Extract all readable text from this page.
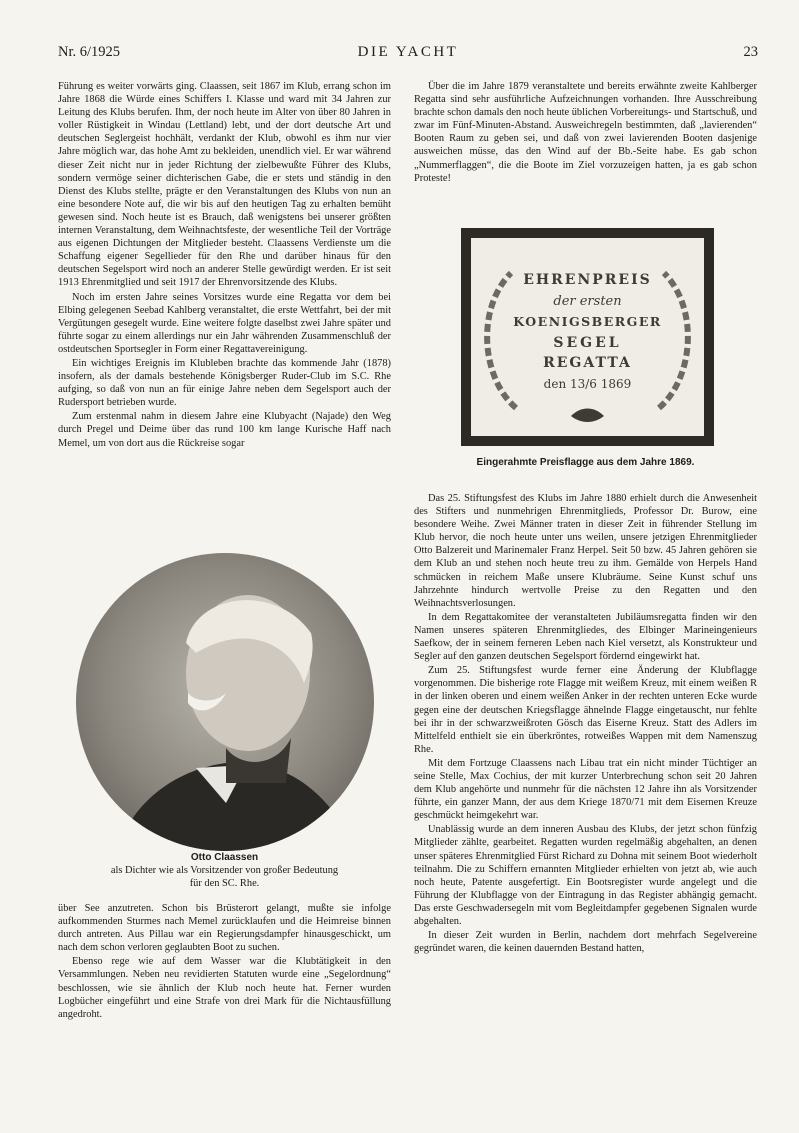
Nr. 6/1925	DIE YACHT	23

Führung es weiter vorwärts ging. Claassen, seit 1867 im Klub, errang schon im Jahre 1868 die Würde eines Schiffers I. Klasse und ward mit 34 Jahren zur Leitung des Klubs berufen. Ihm, der noch heute im Alter von über 80 Jahren in voller Rüstigkeit in Windau (Lettland) lebt, und der dort deutsche Art und deutschen Seglergeist hochhält, verdankt der Klub, obwohl es ihm nur vier Jahre möglich war, das hohe Amt zu bekleiden, unendlich viel. Er war während dieser Zeit nicht nur in jeder Richtung der zielbewußte Führer des Klubs, sondern vermöge seiner dichterischen Gabe, die er stets und ständig in den Dienst des Klubs stellte, prägte er den Veranstaltungen des Klubs von nun an eine besondere Note auf, die wir bis auf den heutigen Tag zu erhalten bemüht gewesen sind. Noch heute ist es Brauch, daß wenigstens bei unserer größten internen Veranstaltung, dem Weihnachtsfeste, der wesentliche Teil der Vorträge aus eigenen Dichtungen der Mitglieder besteht. Claassens Verdienste um die Schaffung eigener Segellieder für den Rhe und darüber hinaus für den deutschen Segelsport wird noch an anderer Stelle gewürdigt werden. Er ist seit 1913 Ehrenmitglied und seit 1917 der Ehrenvorsitzende des Klubs.

Noch im ersten Jahre seines Vorsitzes wurde eine Regatta vor dem bei Elbing gelegenen Seebad Kahlberg veranstaltet, die erste Wettfahrt, bei der mit Vergütungen gesegelt wurde. Eine weitere folgte daselbst zwei Jahre später und führte sogar zu einem allerdings nur ein Jahr währenden Zusammenschluß der ostdeutschen Sportsegler in Form einer Regattavereinigung.

Ein wichtiges Ereignis im Klubleben brachte das kommende Jahr (1878) insofern, als der damals bestehende Königsberger Ruder-Club im S.C. Rhe aufging, so daß von nun an für einige Jahre neben dem Segelsport auch der Rudersport betrieben wurde.

Zum erstenmal nahm in diesem Jahre eine Klubyacht (Najade) den Weg durch Pregel und Deime über das rund 100 km lange Kurische Haff nach Memel, um von dort aus die Rückreise sogar

Otto Claassen
als Dichter wie als Vorsitzender von großer Bedeutung
für den SC. Rhe.

über See anzutreten. Schon bis Brüsterort gelangt, mußte sie infolge aufkommenden Sturmes nach Memel zurücklaufen und die Heimreise binnen durch antreten. Aus Pillau war ein Regierungsdampfer hinausgeschickt, um nach dem schon verloren geglaubten Boot zu suchen.

Ebenso rege wie auf dem Wasser war die Klubtätigkeit in den Versammlungen. Neben neu revidierten Statuten wurde eine „Segelordnung“ beschlossen, wie sie ähnlich der Klub noch heute hat. Ferner wurden Logbücher eingeführt und eine Strafe von drei Mark für die Nichtausfüllung angedroht.

Über die im Jahre 1879 veranstaltete und bereits erwähnte zweite Kahlberger Regatta sind sehr ausführliche Aufzeichnungen vorhanden. Ihre Ausschreibung brachte schon damals den noch heute üblichen Vorbereitungs- und Startschuß, und zwar im Fünf-Minuten-Abstand. Ausweichregeln bestimmten, daß „lavierenden“ Booten Raum zu geben sei, und daß von zwei lavierenden Booten dasjenige ausweichen müsse, das den Wind auf der Bb.-Seite habe. Es gab schon „Nummerflaggen“, die die Boote im Ziel vorzuzeigen hatten, ja es gab schon Proteste!

EHRENPREIS
der ersten
KOENIGSBERGER
SEGEL
REGATTA
den 13/6 1869
Eingerahmte Preisflagge aus dem Jahre 1869.

Das 25. Stiftungsfest des Klubs im Jahre 1880 erhielt durch die Anwesenheit des Stifters und nunmehrigen Ehrenmitglieds, Professor Dr. Burow, eine besondere Weihe. Zwei Männer traten in dieser Zeit in führender Stellung im Klub hervor, die noch heute unter uns weilen, unsere jetzigen Ehrenmitglieder Otto Balzereit und Marinemaler Franz Herpel. Seit 50 bzw. 45 Jahren gehören sie dem Klub an und stehen noch heute treu zu ihm. Gemälde von Herpels Hand schmücken in reichem Maße unsere Klubräume. Seine Kunst schuf uns Jahrzehnte hindurch wertvolle Preise zu den Regatten und den Weihnachtsverlosungen.

In dem Regattakomitee der veranstalteten Jubiläumsregatta finden wir den Namen unseres späteren Ehrenmitgliedes, des Elbinger Marineingenieurs Saefkow, der in seinem ferneren Leben nach Kiel versetzt, als Konstrukteur und Segler auf den ganzen deutschen Segelsport fördernd eingewirkt hat.

Zum 25. Stiftungsfest wurde ferner eine Änderung der Klubflagge vorgenommen. Die bisherige rote Flagge mit weißem Kreuz, mit einem weißen R in der linken oberen und einem weißen Anker in der rechten unteren Ecke wurde gegen eine der deutschen Kriegsflagge ähnelnde Flagge eingetauscht, nur fehlte bei ihr in der schwarzweißroten Gösch das Eiserne Kreuz. Statt des Adlers im Mittelfeld enthielt sie ein überkröntes, rotweißes Wappen mit dem Namenszug Rhe.

Mit dem Fortzuge Claassens nach Libau trat ein nicht minder Tüchtiger an seine Stelle, Max Cochius, der mit kurzer Unterbrechung schon seit 20 Jahren dem Klub angehörte und nunmehr für die nächsten 12 Jahre ihn als Vorsitzender führte, ein ganzer Mann, der aus dem Kriege 1870/71 mit dem Eisernen Kreuze geschmückt heimgekehrt war.

Unablässig wurde an dem inneren Ausbau des Klubs, der jetzt schon fünfzig Mitglieder zählte, gearbeitet. Regatten wurden regelmäßig abgehalten, an denen unser späteres Ehrenmitglied Fürst Richard zu Dohna mit seinem Boot wiederholt teilnahm. Die zu Schiffern ernannten Mitglieder erhielten von jetzt ab, wie auch noch heute, Patente ausgefertigt. Ein Bootsregister wurde angelegt und die Führung der Klubflagge von der Eintragung in das Register abhängig gemacht. Das erste Geschwadersegeln mit vom Begleitdampfer gegebenen Signalen wurde abgehalten.

In dieser Zeit wurden in Berlin, nachdem dort mehrfach Segelvereine gegründet waren, die keinen dauernden Bestand hatten,
